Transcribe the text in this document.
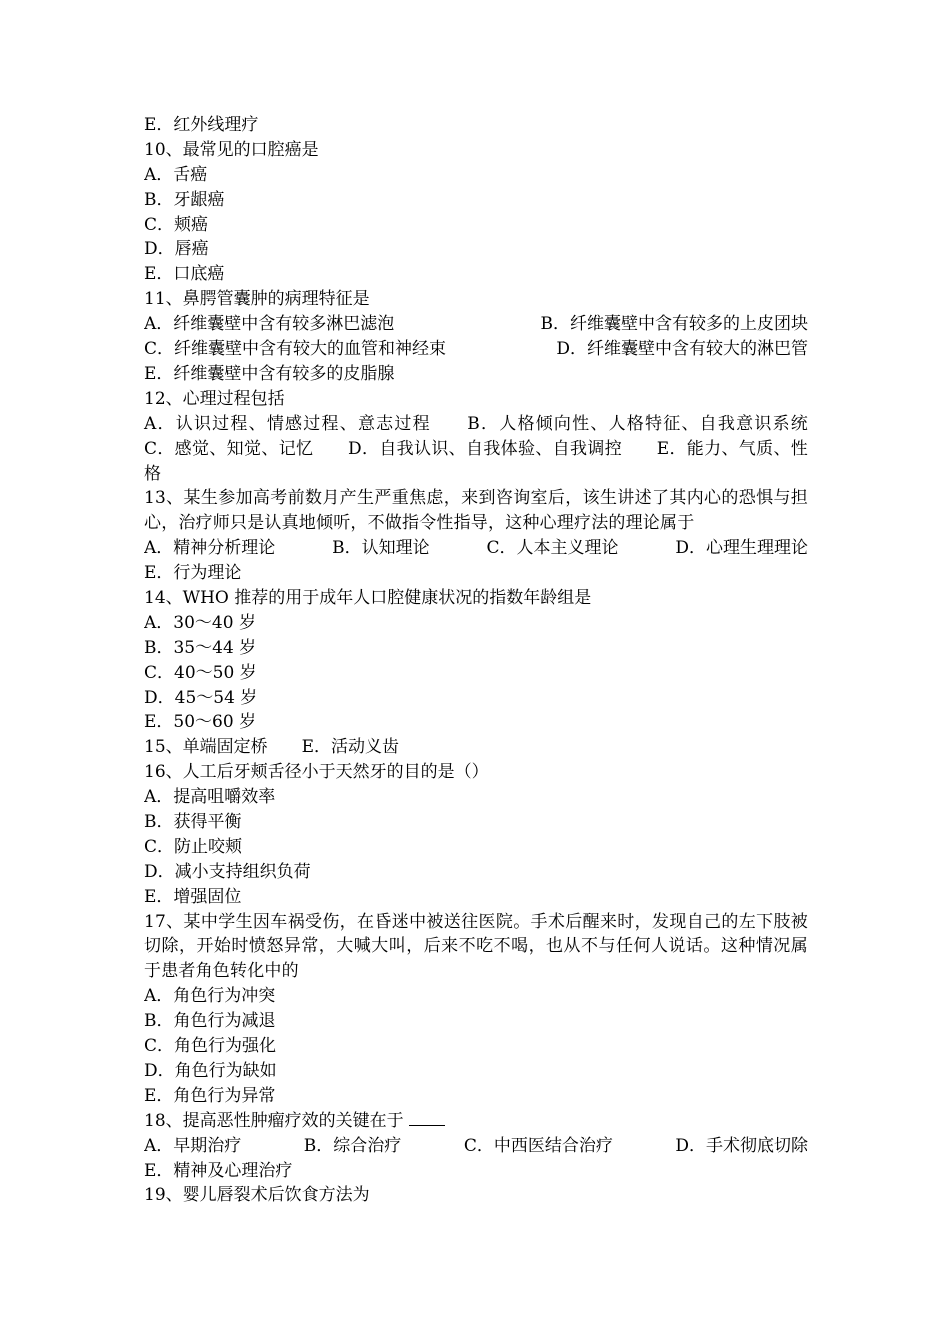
E．红外线理疗
10、最常见的口腔癌是
A．舌癌
B．牙龈癌
C．颊癌
D．唇癌
E．口底癌
11、鼻腭管囊肿的病理特征是
A．纤维囊壁中含有较多淋巴滤泡	B．纤维囊壁中含有较多的上皮团块
C．纤维囊壁中含有较大的血管和神经束	D．纤维囊壁中含有较大的淋巴管
E．纤维囊壁中含有较多的皮脂腺
12、心理过程包括
A．认识过程、情感过程、意志过程　　B．人格倾向性、人格特征、自我意识系统　　C．感觉、知觉、记忆　　D．自我认识、自我体验、自我调控　　E．能力、气质、性格
13、某生参加高考前数月产生严重焦虑，来到咨询室后，该生讲述了其内心的恐惧与担心，治疗师只是认真地倾听，不做指令性指导，这种心理疗法的理论属于
A．精神分析理论	B．认知理论	C．人本主义理论	D．心理生理理论
E．行为理论
14、WHO 推荐的用于成年人口腔健康状况的指数年龄组是
A．30～40 岁
B．35～44 岁
C．40～50 岁
D．45～54 岁
E．50～60 岁
15、单端固定桥 E．活动义齿
16、人工后牙颊舌径小于天然牙的目的是（）
A．提高咀嚼效率
B．获得平衡
C．防止咬颊
D．减小支持组织负荷
E．增强固位
17、某中学生因车祸受伤，在昏迷中被送往医院。手术后醒来时，发现自己的左下肢被切除，开始时愤怒异常，大喊大叫，后来不吃不喝，也从不与任何人说话。这种情况属于患者角色转化中的
A．角色行为冲突
B．角色行为减退
C．角色行为强化
D．角色行为缺如
E．角色行为异常
18、提高恶性肿瘤疗效的关键在于
A．早期治疗	B．综合治疗	C．中西医结合治疗	D．手术彻底切除
E．精神及心理治疗
19、婴儿唇裂术后饮食方法为
